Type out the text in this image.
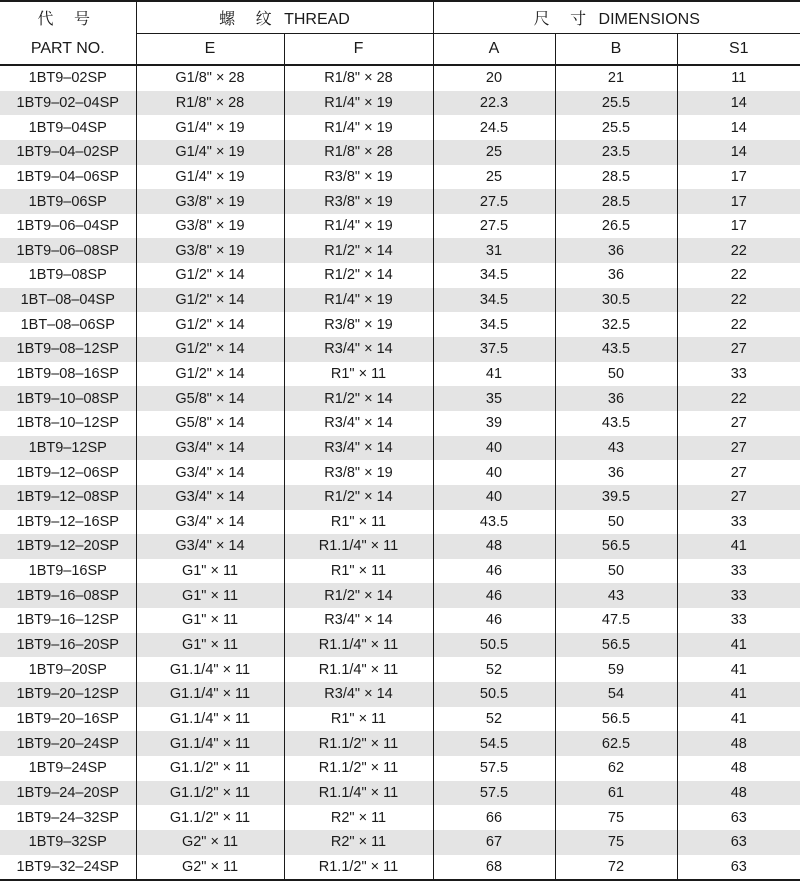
代 号	螺 纹 THREAD		尺 寸 DIMENSIONS		
PART NO.	E	F	A	B	S1
1BT9–02SP	G1/8" × 28	R1/8" × 28	20	21	11
1BT9–02–04SP	R1/8" × 28	R1/4" × 19	22.3	25.5	14
1BT9–04SP	G1/4" × 19	R1/4" × 19	24.5	25.5	14
1BT9–04–02SP	G1/4" × 19	R1/8" × 28	25	23.5	14
1BT9–04–06SP	G1/4" × 19	R3/8" × 19	25	28.5	17
1BT9–06SP	G3/8" × 19	R3/8" × 19	27.5	28.5	17
1BT9–06–04SP	G3/8" × 19	R1/4" × 19	27.5	26.5	17
1BT9–06–08SP	G3/8" × 19	R1/2" × 14	31	36	22
1BT9–08SP	G1/2" × 14	R1/2" × 14	34.5	36	22
1BT–08–04SP	G1/2" × 14	R1/4" × 19	34.5	30.5	22
1BT–08–06SP	G1/2" × 14	R3/8" × 19	34.5	32.5	22
1BT9–08–12SP	G1/2" × 14	R3/4" × 14	37.5	43.5	27
1BT9–08–16SP	G1/2" × 14	R1" × 11	41	50	33
1BT9–10–08SP	G5/8" × 14	R1/2" × 14	35	36	22
1BT8–10–12SP	G5/8" × 14	R3/4" × 14	39	43.5	27
1BT9–12SP	G3/4" × 14	R3/4" × 14	40	43	27
1BT9–12–06SP	G3/4" × 14	R3/8" × 19	40	36	27
1BT9–12–08SP	G3/4" × 14	R1/2" × 14	40	39.5	27
1BT9–12–16SP	G3/4" × 14	R1" × 11	43.5	50	33
1BT9–12–20SP	G3/4" × 14	R1.1/4" × 11	48	56.5	41
1BT9–16SP	G1" × 11	R1" × 11	46	50	33
1BT9–16–08SP	G1" × 11	R1/2" × 14	46	43	33
1BT9–16–12SP	G1" × 11	R3/4" × 14	46	47.5	33
1BT9–16–20SP	G1" × 11	R1.1/4" × 11	50.5	56.5	41
1BT9–20SP	G1.1/4" × 11	R1.1/4" × 11	52	59	41
1BT9–20–12SP	G1.1/4" × 11	R3/4" × 14	50.5	54	41
1BT9–20–16SP	G1.1/4" × 11	R1" × 11	52	56.5	41
1BT9–20–24SP	G1.1/4" × 11	R1.1/2" × 11	54.5	62.5	48
1BT9–24SP	G1.1/2" × 11	R1.1/2" × 11	57.5	62	48
1BT9–24–20SP	G1.1/2" × 11	R1.1/4" × 11	57.5	61	48
1BT9–24–32SP	G1.1/2" × 11	R2" × 11	66	75	63
1BT9–32SP	G2" × 11	R2" × 11	67	75	63
1BT9–32–24SP	G2" × 11	R1.1/2" × 11	68	72	63
